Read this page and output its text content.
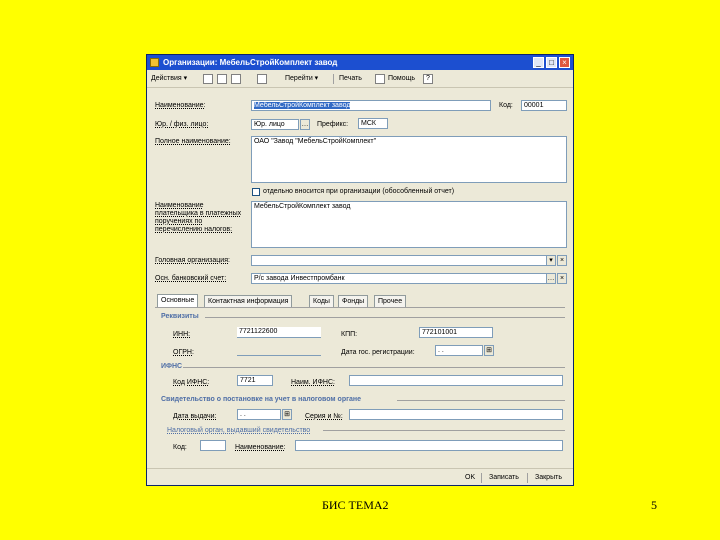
Организации: МебельСтройКомплект завод	_	□	×
Действия ▾	Перейти ▾	Печать	Помощь	?
Наименование:	МебельСтройКомплект завод	Код:	00001
Юр. / физ. лицо:	Юр. лицо	… Префикс:	МСК
Полное наименование:	ОАО "Завод "МебельСтройКомплект"
отдельно вносится при организации (обособленный отчет)
Наименование плательщика в платежных поручениях по перечислению налогов:
МебельСтройКомплект завод
Головная организация:	▾	×
Осн. банковский счет:	Р/с завода Инвестпромбанк	… ×
Основные	Контактная информация	Коды	Фонды	Прочее
Реквизиты
ИНН:	7721122600	КПП:	772101001
ОГРН:	Дата гос. регистрации:	. .	⊞
ИФНС
Код ИФНС:	7721	Наим. ИФНС:
Свидетельство о постановке на учет в налоговом органе
Дата выдачи:	. .	⊞ Серия и №:
Налоговый орган, выдавший свидетельство
Код:	Наименование:
OK Записать Закрыть
БИС ТЕМА2	5
